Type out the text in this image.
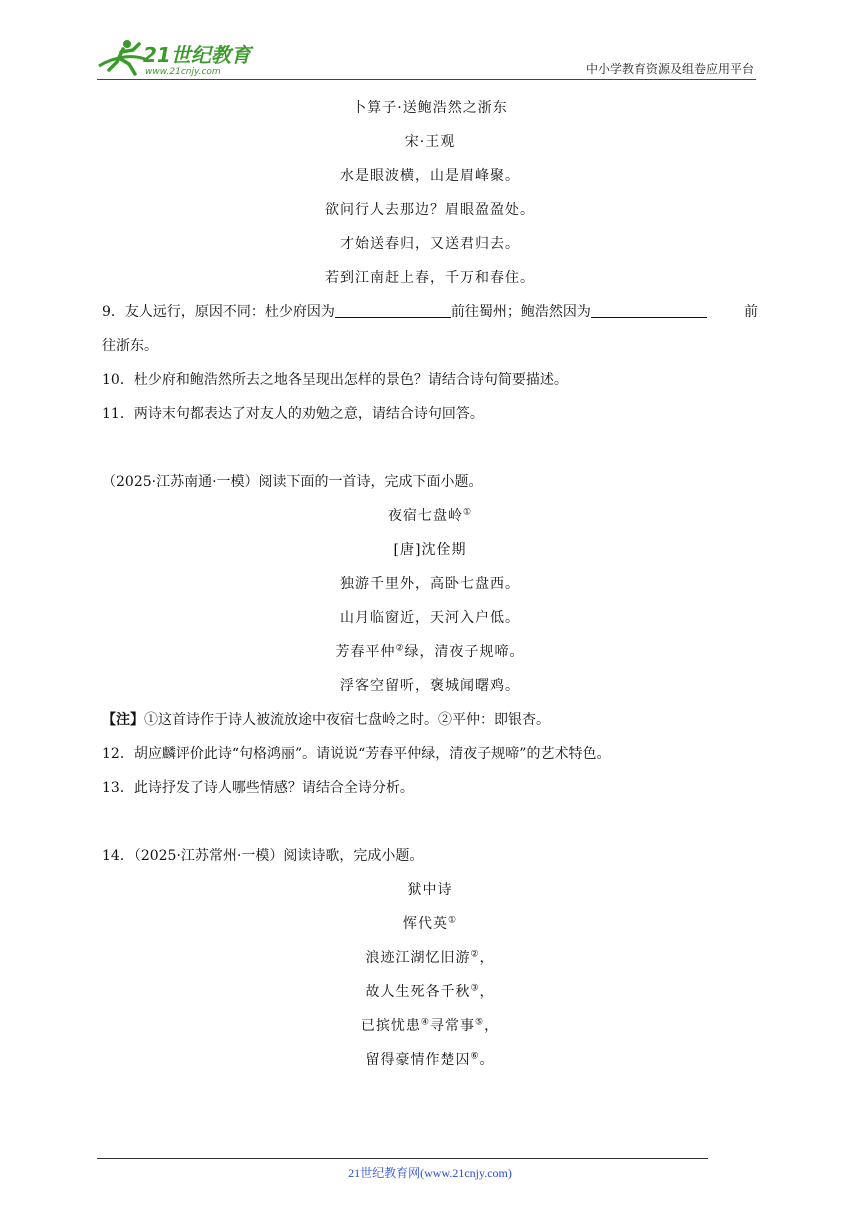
21世纪教育
www.21cnjy.com	中小学教育资源及组卷应用平台
卜算子·送鲍浩然之浙东
宋·王观
水是眼波横，山是眉峰聚。
欲问行人去那边？眉眼盈盈处。
才始送春归，又送君归去。
若到江南赶上春，千万和春住。
9．友人远行，原因不同：杜少府因为	前往蜀州；鲍浩然因为	前
往浙东。
10．杜少府和鲍浩然所去之地各呈现出怎样的景色？请结合诗句简要描述。
11．两诗末句都表达了对友人的劝勉之意，请结合诗句回答。
（2025·江苏南通·一模）阅读下面的一首诗，完成下面小题。
夜宿七盘岭①
[唐]沈佺期
独游千里外，高卧七盘西。
山月临窗近，天河入户低。
芳春平仲②绿，清夜子规啼。
浮客空留听，褒城闻曙鸡。
【注】①这首诗作于诗人被流放途中夜宿七盘岭之时。②平仲：即银杏。
12．胡应麟评价此诗“句格鸿丽”。请说说“芳春平仲绿，清夜子规啼”的艺术特色。
13．此诗抒发了诗人哪些情感？请结合全诗分析。
14．（2025·江苏常州·一模）阅读诗歌，完成小题。
狱中诗
恽代英①
浪迹江湖忆旧游②，
故人生死各千秋③，
已摈忧患④寻常事⑤，
留得豪情作楚囚⑥。
21世纪教育网(www.21cnjy.com)
